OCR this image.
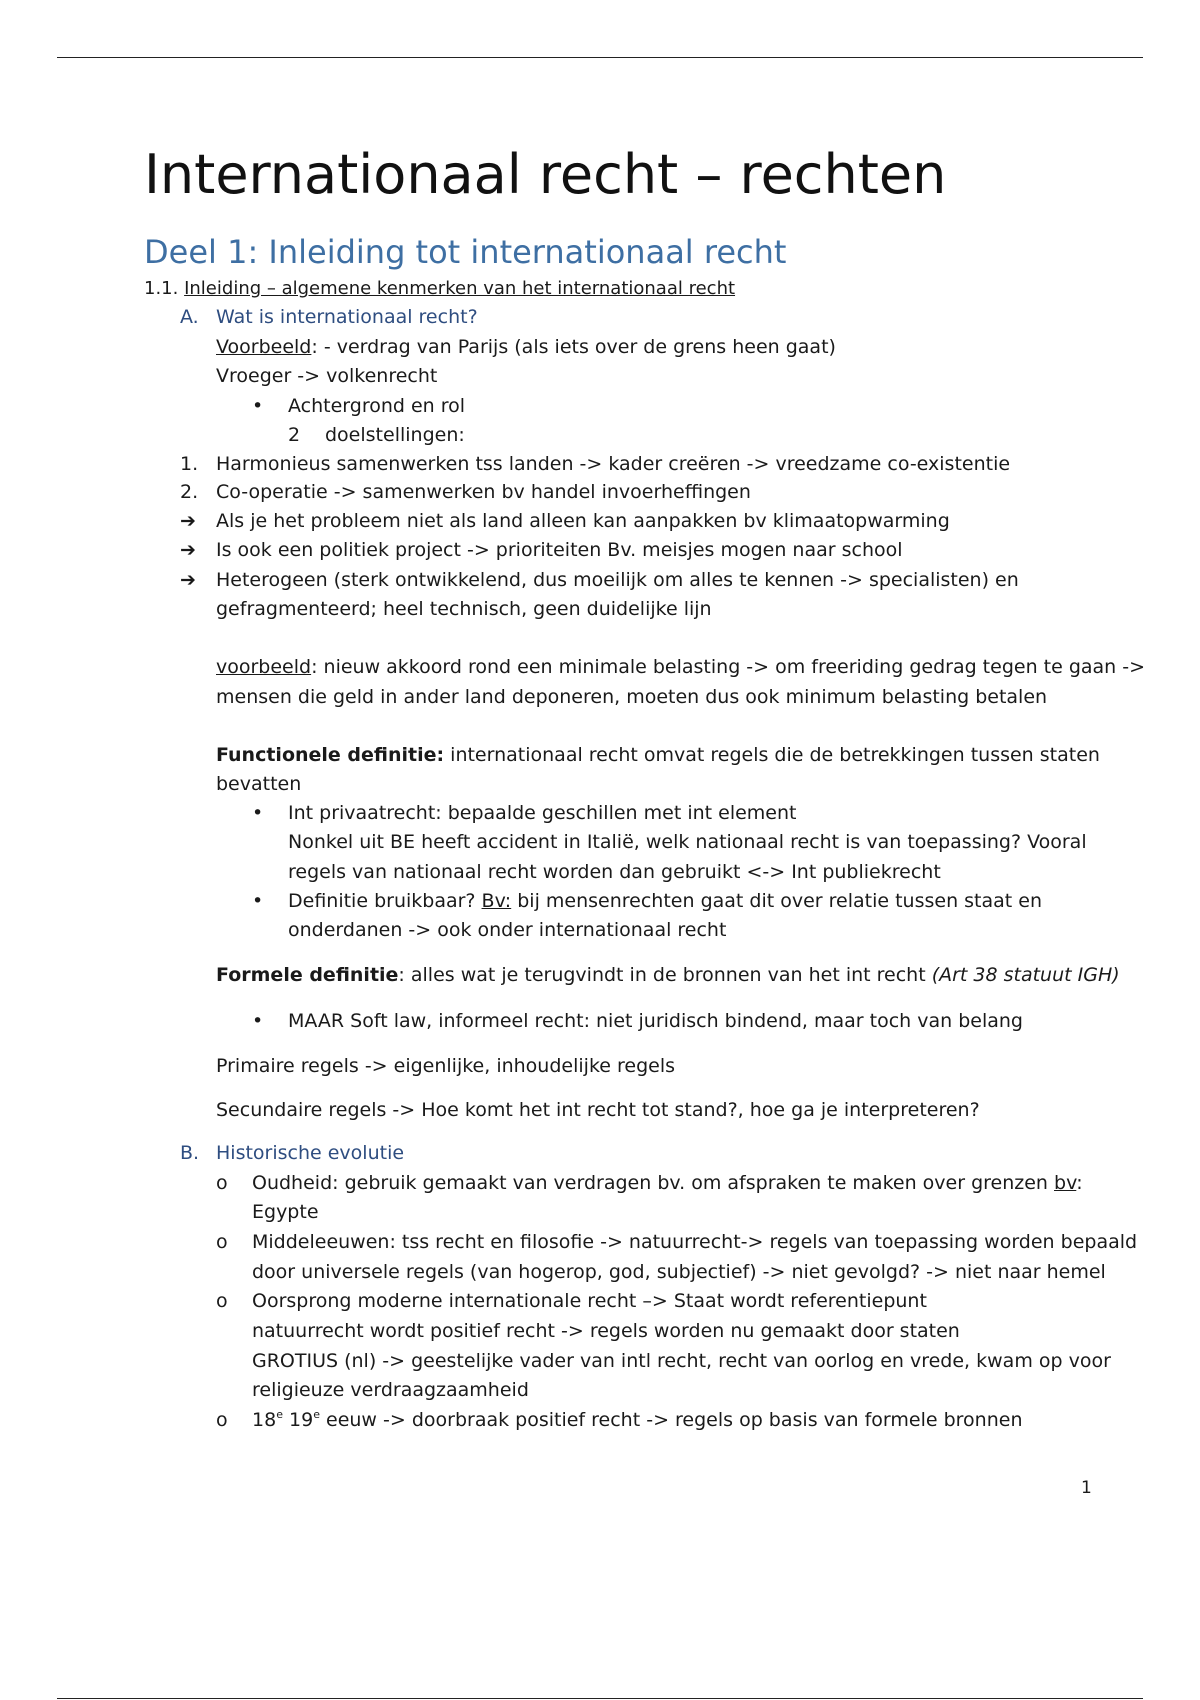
Internationaal recht – rechten
Deel 1: Inleiding tot internationaal recht
1.1. Inleiding – algemene kenmerken van het internationaal recht
A. Wat is internationaal recht?
Voorbeeld: - verdrag van Parijs (als iets over de grens heen gaat)
Vroeger -> volkenrecht
• Achtergrond en rol
2 doelstellingen:
1. Harmonieus samenwerken tss landen -> kader creëren -> vreedzame co-existentie
2. Co-operatie -> samenwerken bv handel invoerheffingen
➔ Als je het probleem niet als land alleen kan aanpakken bv klimaatopwarming
➔ Is ook een politiek project -> prioriteiten Bv. meisjes mogen naar school
➔ Heterogeen (sterk ontwikkelend, dus moeilijk om alles te kennen -> specialisten) en
gefragmenteerd; heel technisch, geen duidelijke lijn
voorbeeld: nieuw akkoord rond een minimale belasting -> om freeriding gedrag tegen te gaan ->
mensen die geld in ander land deponeren, moeten dus ook minimum belasting betalen
Functionele definitie: internationaal recht omvat regels die de betrekkingen tussen staten
bevatten
• Int privaatrecht: bepaalde geschillen met int element
Nonkel uit BE heeft accident in Italië, welk nationaal recht is van toepassing? Vooral
regels van nationaal recht worden dan gebruikt <-> Int publiekrecht
• Definitie bruikbaar? Bv: bij mensenrechten gaat dit over relatie tussen staat en
onderdanen -> ook onder internationaal recht
Formele definitie: alles wat je terugvindt in de bronnen van het int recht (Art 38 statuut IGH)
• MAAR Soft law, informeel recht: niet juridisch bindend, maar toch van belang
Primaire regels -> eigenlijke, inhoudelijke regels
Secundaire regels -> Hoe komt het int recht tot stand?, hoe ga je interpreteren?
B. Historische evolutie
o Oudheid: gebruik gemaakt van verdragen bv. om afspraken te maken over grenzen bv:
Egypte
o Middeleeuwen: tss recht en filosofie -> natuurrecht-> regels van toepassing worden bepaald
door universele regels (van hogerop, god, subjectief) -> niet gevolgd? -> niet naar hemel
o Oorsprong moderne internationale recht –> Staat wordt referentiepunt
natuurrecht wordt positief recht -> regels worden nu gemaakt door staten
GROTIUS (nl) -> geestelijke vader van intl recht, recht van oorlog en vrede, kwam op voor
religieuze verdraagzaamheid
o 18e 19e eeuw -> doorbraak positief recht -> regels op basis van formele bronnen
1
